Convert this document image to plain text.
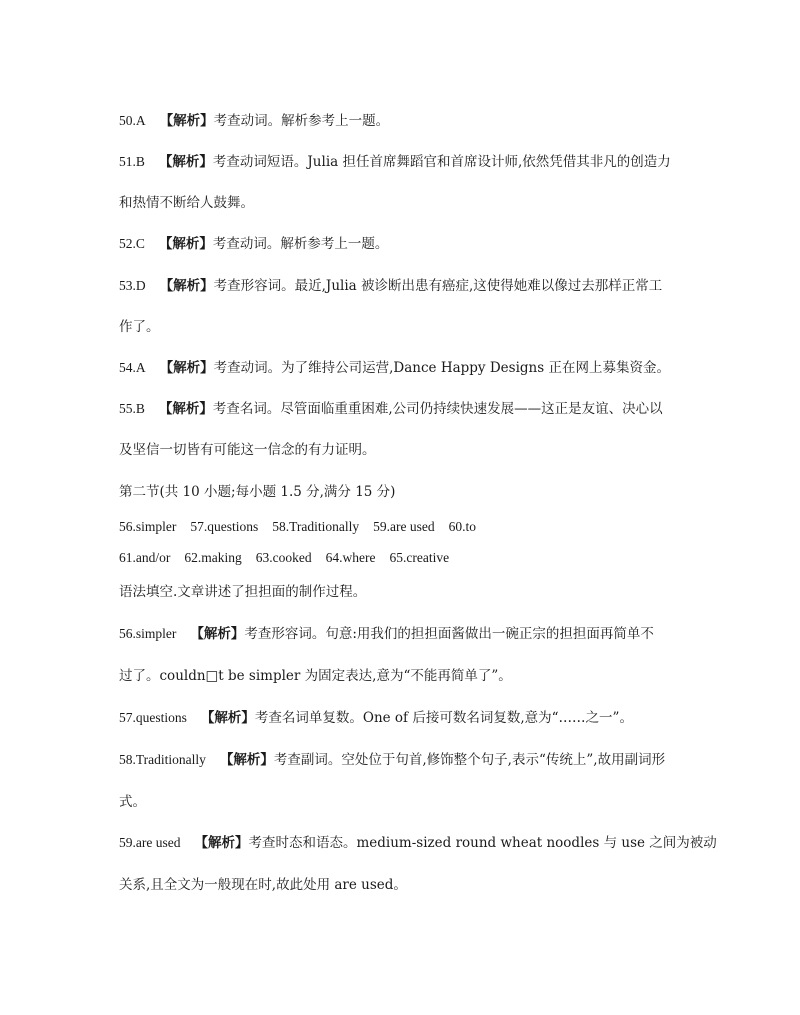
50.A 【解析】考查动词。解析参考上一题。
51.B 【解析】考查动词短语。Julia 担任首席舞蹈官和首席设计师,依然凭借其非凡的创造力
和热情不断给人鼓舞。
52.C 【解析】考查动词。解析参考上一题。
53.D 【解析】考查形容词。最近,Julia 被诊断出患有癌症,这使得她难以像过去那样正常工
作了。
54.A 【解析】考查动词。为了维持公司运营,Dance Happy Designs 正在网上募集资金。
55.B 【解析】考查名词。尽管面临重重困难,公司仍持续快速发展——这正是友谊、决心以
及坚信一切皆有可能这一信念的有力证明。
第二节(共 10 小题;每小题 1.5 分,满分 15 分)
56.simpler 57.questions 58.Traditionally 59.are used 60.to
61.and/or 62.making 63.cooked 64.where 65.creative
语法填空.文章讲述了担担面的制作过程。
56.simpler 【解析】考查形容词。句意:用我们的担担面酱做出一碗正宗的担担面再简单不
过了。couldn□t be simpler 为固定表达,意为“不能再简单了”。
57.questions 【解析】考查名词单复数。One of 后接可数名词复数,意为“……之一”。
58.Traditionally 【解析】考查副词。空处位于句首,修饰整个句子,表示“传统上”,故用副词形
式。
59.are used 【解析】考查时态和语态。medium-sized round wheat noodles 与 use 之间为被动
关系,且全文为一般现在时,故此处用 are used。
